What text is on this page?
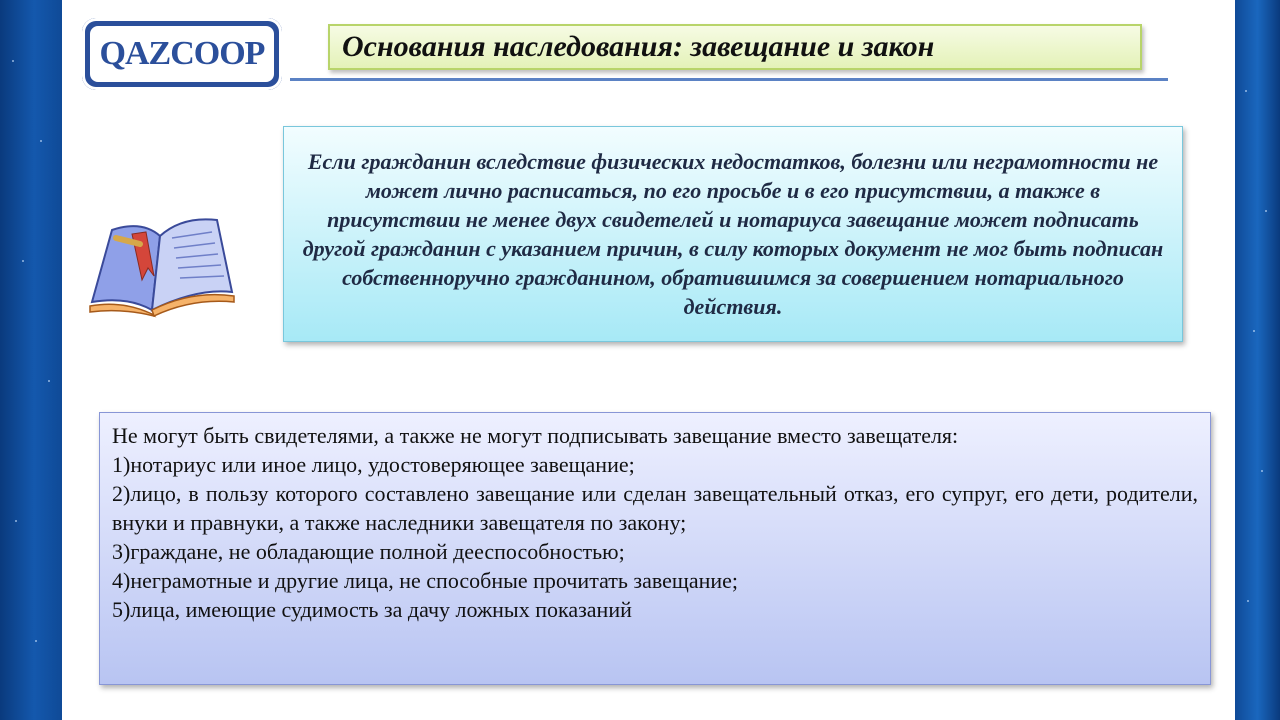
QAZCOOP	Основания наследования: завещание и закон
Если гражданин вследствие физических недостатков, болезни или неграмотности не может лично расписаться, по его просьбе и в его присутствии, а также в присутствии не менее двух свидетелей и нотариуса завещание может подписать другой гражданин с указанием причин, в силу которых документ не мог быть подписан собственноручно гражданином, обратившимся за совершением нотариального действия.

Не могут быть свидетелями, а также не могут подписывать завещание вместо завещателя:

1)нотариус или иное лицо, удостоверяющее завещание;

2)лицо, в пользу которого составлено завещание или сделан завещательный отказ, его супруг, его дети, родители, внуки и правнуки, а также наследники завещателя по закону;

3)граждане, не обладающие полной дееспособностью;

4)неграмотные и другие лица, не способные прочитать завещание;

5)лица, имеющие судимость за дачу ложных показаний
